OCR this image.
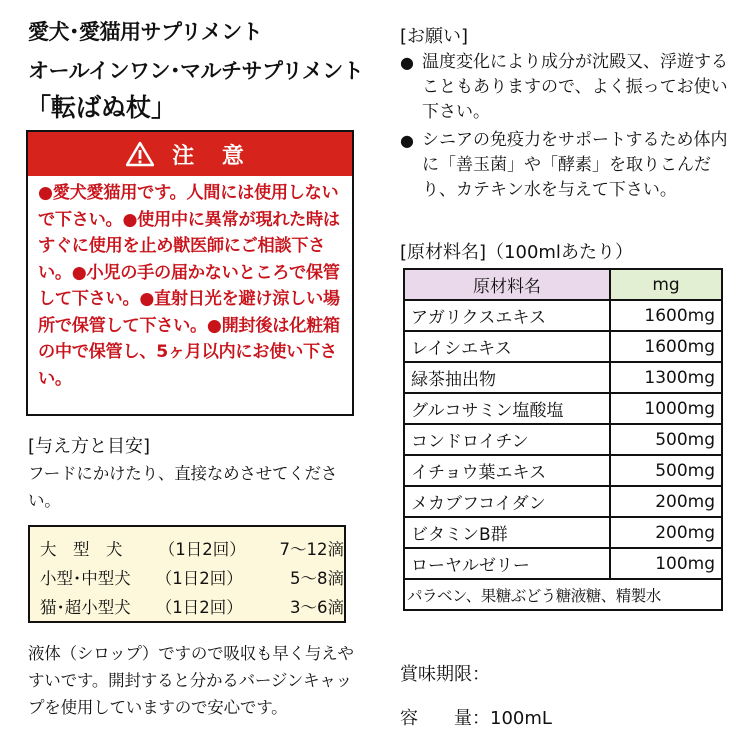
愛犬･愛猫用サプリメント
オールインワン･マルチサプリメント
「転ばぬ杖」
注 意
●愛犬愛猫用です。人間には使用しないで下さい。●使用中に異常が現れた時はすぐに使用を止め獣医師にご相談下さい。●小児の手の届かないところで保管して下さい。●直射日光を避け涼しい場所で保管して下さい。●開封後は化粧箱の中で保管し、5ヶ月以内にお使い下さい。
[与え方と目安]
フードにかけたり、直接なめさせてください。
大　型　犬	（1日2回）	7～12滴
小型･中型犬	（1日2回）	　5～8滴
猫･超小型犬	（1日2回）	　3～6滴
液体（シロップ）ですので吸収も早く与えやすいです。開封すると分かるバージンキャップを使用していますので安心です。
[お願い]
● 温度変化により成分が沈殿又、浮遊することもありますので、よく振ってお使い下さい。
● シニアの免疫力をサポートするため体内に「善玉菌」や「酵素」を取りこんだり、カテキン水を与えて下さい。
[原材料名]（100mlあたり）
原材料名	mg
アガリクスエキス	1600mg
レイシエキス	1600mg
緑茶抽出物	1300mg
グルコサミン塩酸塩	1000mg
コンドロイチン	500mg
イチョウ葉エキス	500mg
メカブフコイダン	200mg
ビタミンB群	200mg
ローヤルゼリー	100mg
パラベン、果糖ぶどう糖液糖、精製水	
賞味期限：
容　　量：100mL
